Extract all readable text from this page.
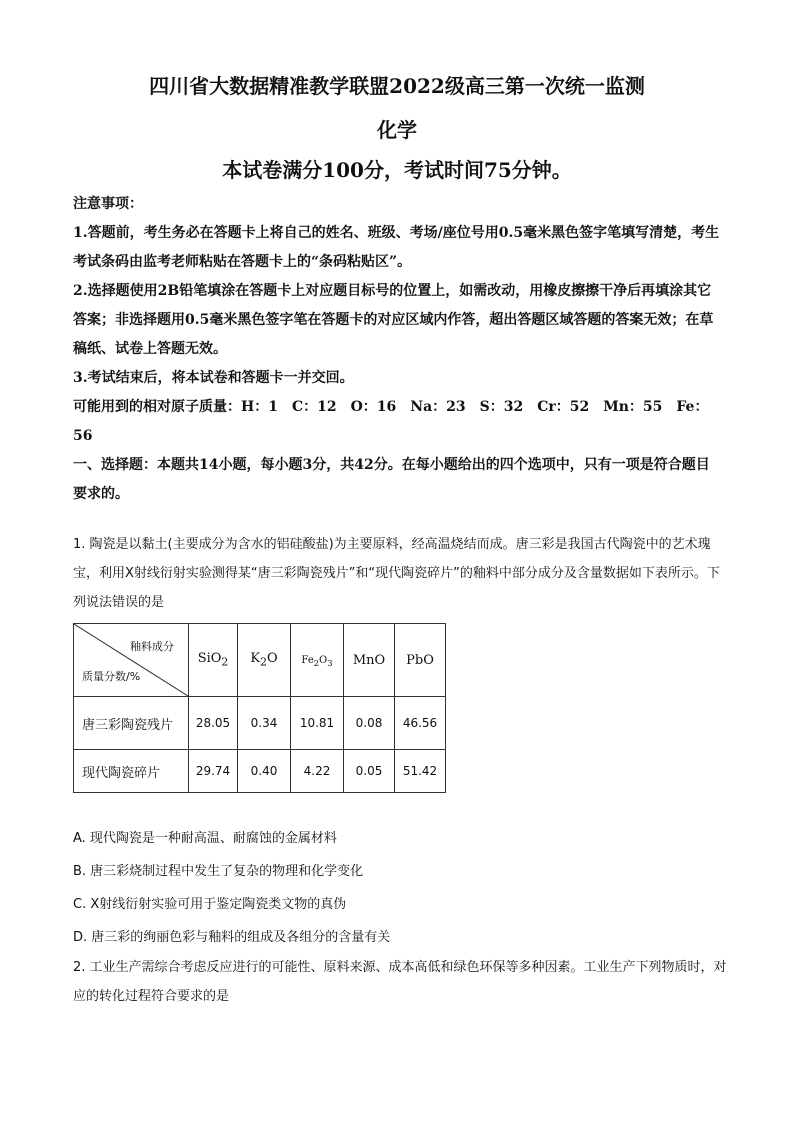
四川省大数据精准教学联盟2022级高三第一次统一监测
化学
本试卷满分100分，考试时间75分钟。

注意事项：

1.答题前，考生务必在答题卡上将自己的姓名、班级、考场/座位号用0.5毫米黑色签字笔填写清楚，考生考试条码由监考老师粘贴在答题卡上的“条码粘贴区”。

2.选择题使用2B铅笔填涂在答题卡上对应题目标号的位置上，如需改动，用橡皮擦擦干净后再填涂其它答案；非选择题用0.5毫米黑色签字笔在答题卡的对应区域内作答，超出答题区域答题的答案无效；在草稿纸、试卷上答题无效。

3.考试结束后，将本试卷和答题卡一并交回。

可能用到的相对原子质量：H：1　C：12　O：16　Na：23　S：32　Cr：52　Mn：55　Fe：56

一、选择题：本题共14小题，每小题3分，共42分。在每小题给出的四个选项中，只有一项是符合题目要求的。

1. 陶瓷是以黏土(主要成分为含水的铝硅酸盐)为主要原料，经高温烧结而成。唐三彩是我国古代陶瓷中的艺术瑰宝，利用X射线衍射实验测得某“唐三彩陶瓷残片”和“现代陶瓷碎片”的釉料中部分成分及含量数据如下表所示。下列说法错误的是

釉料成分
质量分数/%	SiO$_2$	$K_2O$	$Fe_2O_3$	MnO	PbO
唐三彩陶瓷残片	28.05	0.34	10.81	0.08	46.56
现代陶瓷碎片	29.74	0.40	4.22	0.05	51.42

A. 现代陶瓷是一种耐高温、耐腐蚀的金属材料

B. 唐三彩烧制过程中发生了复杂的物理和化学变化

C. X射线衍射实验可用于鉴定陶瓷类文物的真伪

D. 唐三彩的绚丽色彩与釉料的组成及各组分的含量有关

2. 工业生产需综合考虑反应进行的可能性、原料来源、成本高低和绿色环保等多种因素。工业生产下列物质时，对应的转化过程符合要求的是
